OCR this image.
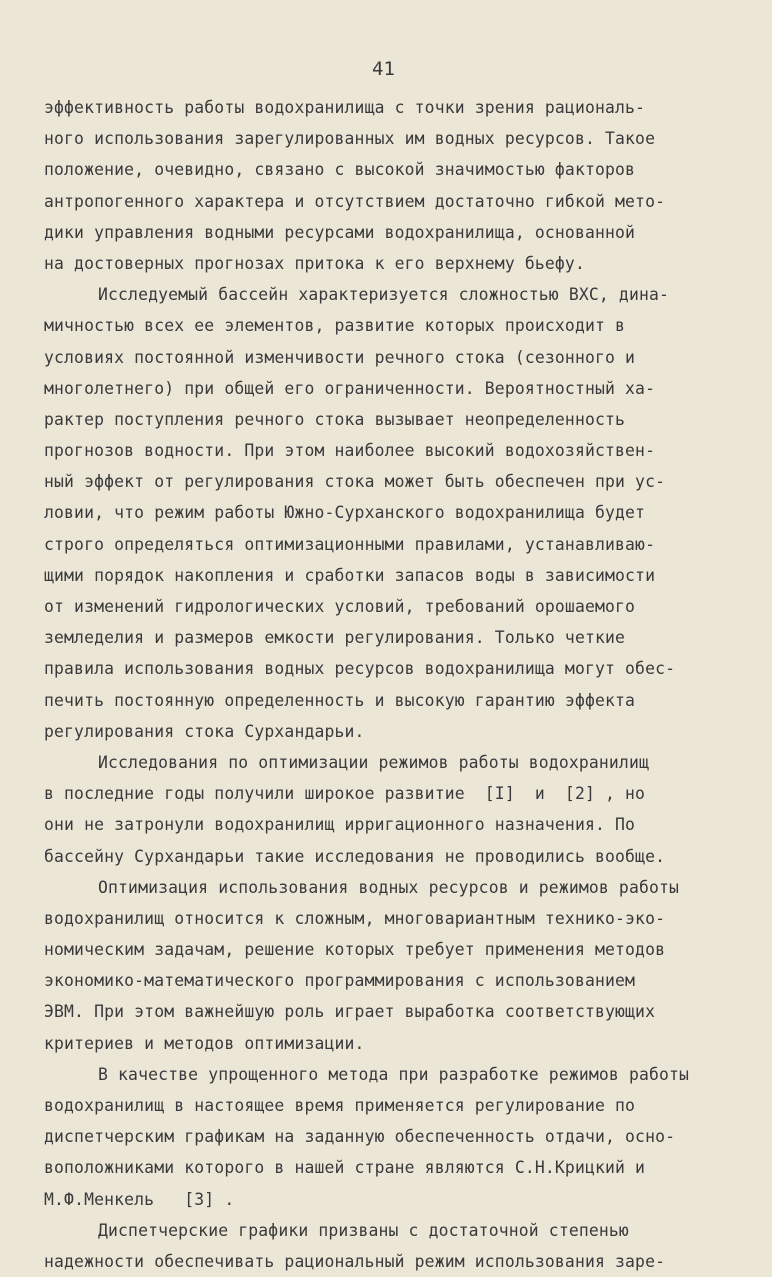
41
эффективность работы водохранилища с точки зрения рациональ-
ного использования зарегулированных им водных ресурсов. Такое
положение, очевидно, связано с высокой значимостью факторов
антропогенного характера и отсутствием достаточно гибкой мето-
дики управления водными ресурсами водохранилища, основанной
на достоверных прогнозах притока к его верхнему бьефу.
Исследуемый бассейн характеризуется сложностью ВХС, дина-
мичностью всех ее элементов, развитие которых происходит в
условиях постоянной изменчивости речного стока (сезонного и
многолетнего) при общей его ограниченности. Вероятностный ха-
рактер поступления речного стока вызывает неопределенность
прогнозов водности. При этом наиболее высокий водохозяйствен-
ный эффект от регулирования стока может быть обеспечен при ус-
ловии, что режим работы Южно-Сурханского водохранилища будет
строго определяться оптимизационными правилами, устанавливаю-
щими порядок накопления и сработки запасов воды в зависимости
от изменений гидрологических условий, требований орошаемого
земледелия и размеров емкости регулирования. Только четкие
правила использования водных ресурсов водохранилища могут обес-
печить постоянную определенность и высокую гарантию эффекта
регулирования стока Сурхандарьи.
Исследования по оптимизации режимов работы водохранилищ
в последние годы получили широкое развитие  [I]  и  [2] , но
они не затронули водохранилищ ирригационного назначения. По
бассейну Сурхандарьи такие исследования не проводились вообще.
Оптимизация использования водных ресурсов и режимов работы
водохранилищ относится к сложным, многовариантным технико-эко-
номическим задачам, решение которых требует применения методов
экономико-математического программирования с использованием
ЭВМ. При этом важнейшую роль играет выработка соответствующих
критериев и методов оптимизации.
В качестве упрощенного метода при разработке режимов работы
водохранилищ в настоящее время применяется регулирование по
диспетчерским графикам на заданную обеспеченность отдачи, осно-
воположниками которого в нашей стране являются С.Н.Крицкий и
М.Ф.Менкель   [3] .
Диспетчерские графики призваны с достаточной степенью
надежности обеспечивать рациональный режим использования заре-
